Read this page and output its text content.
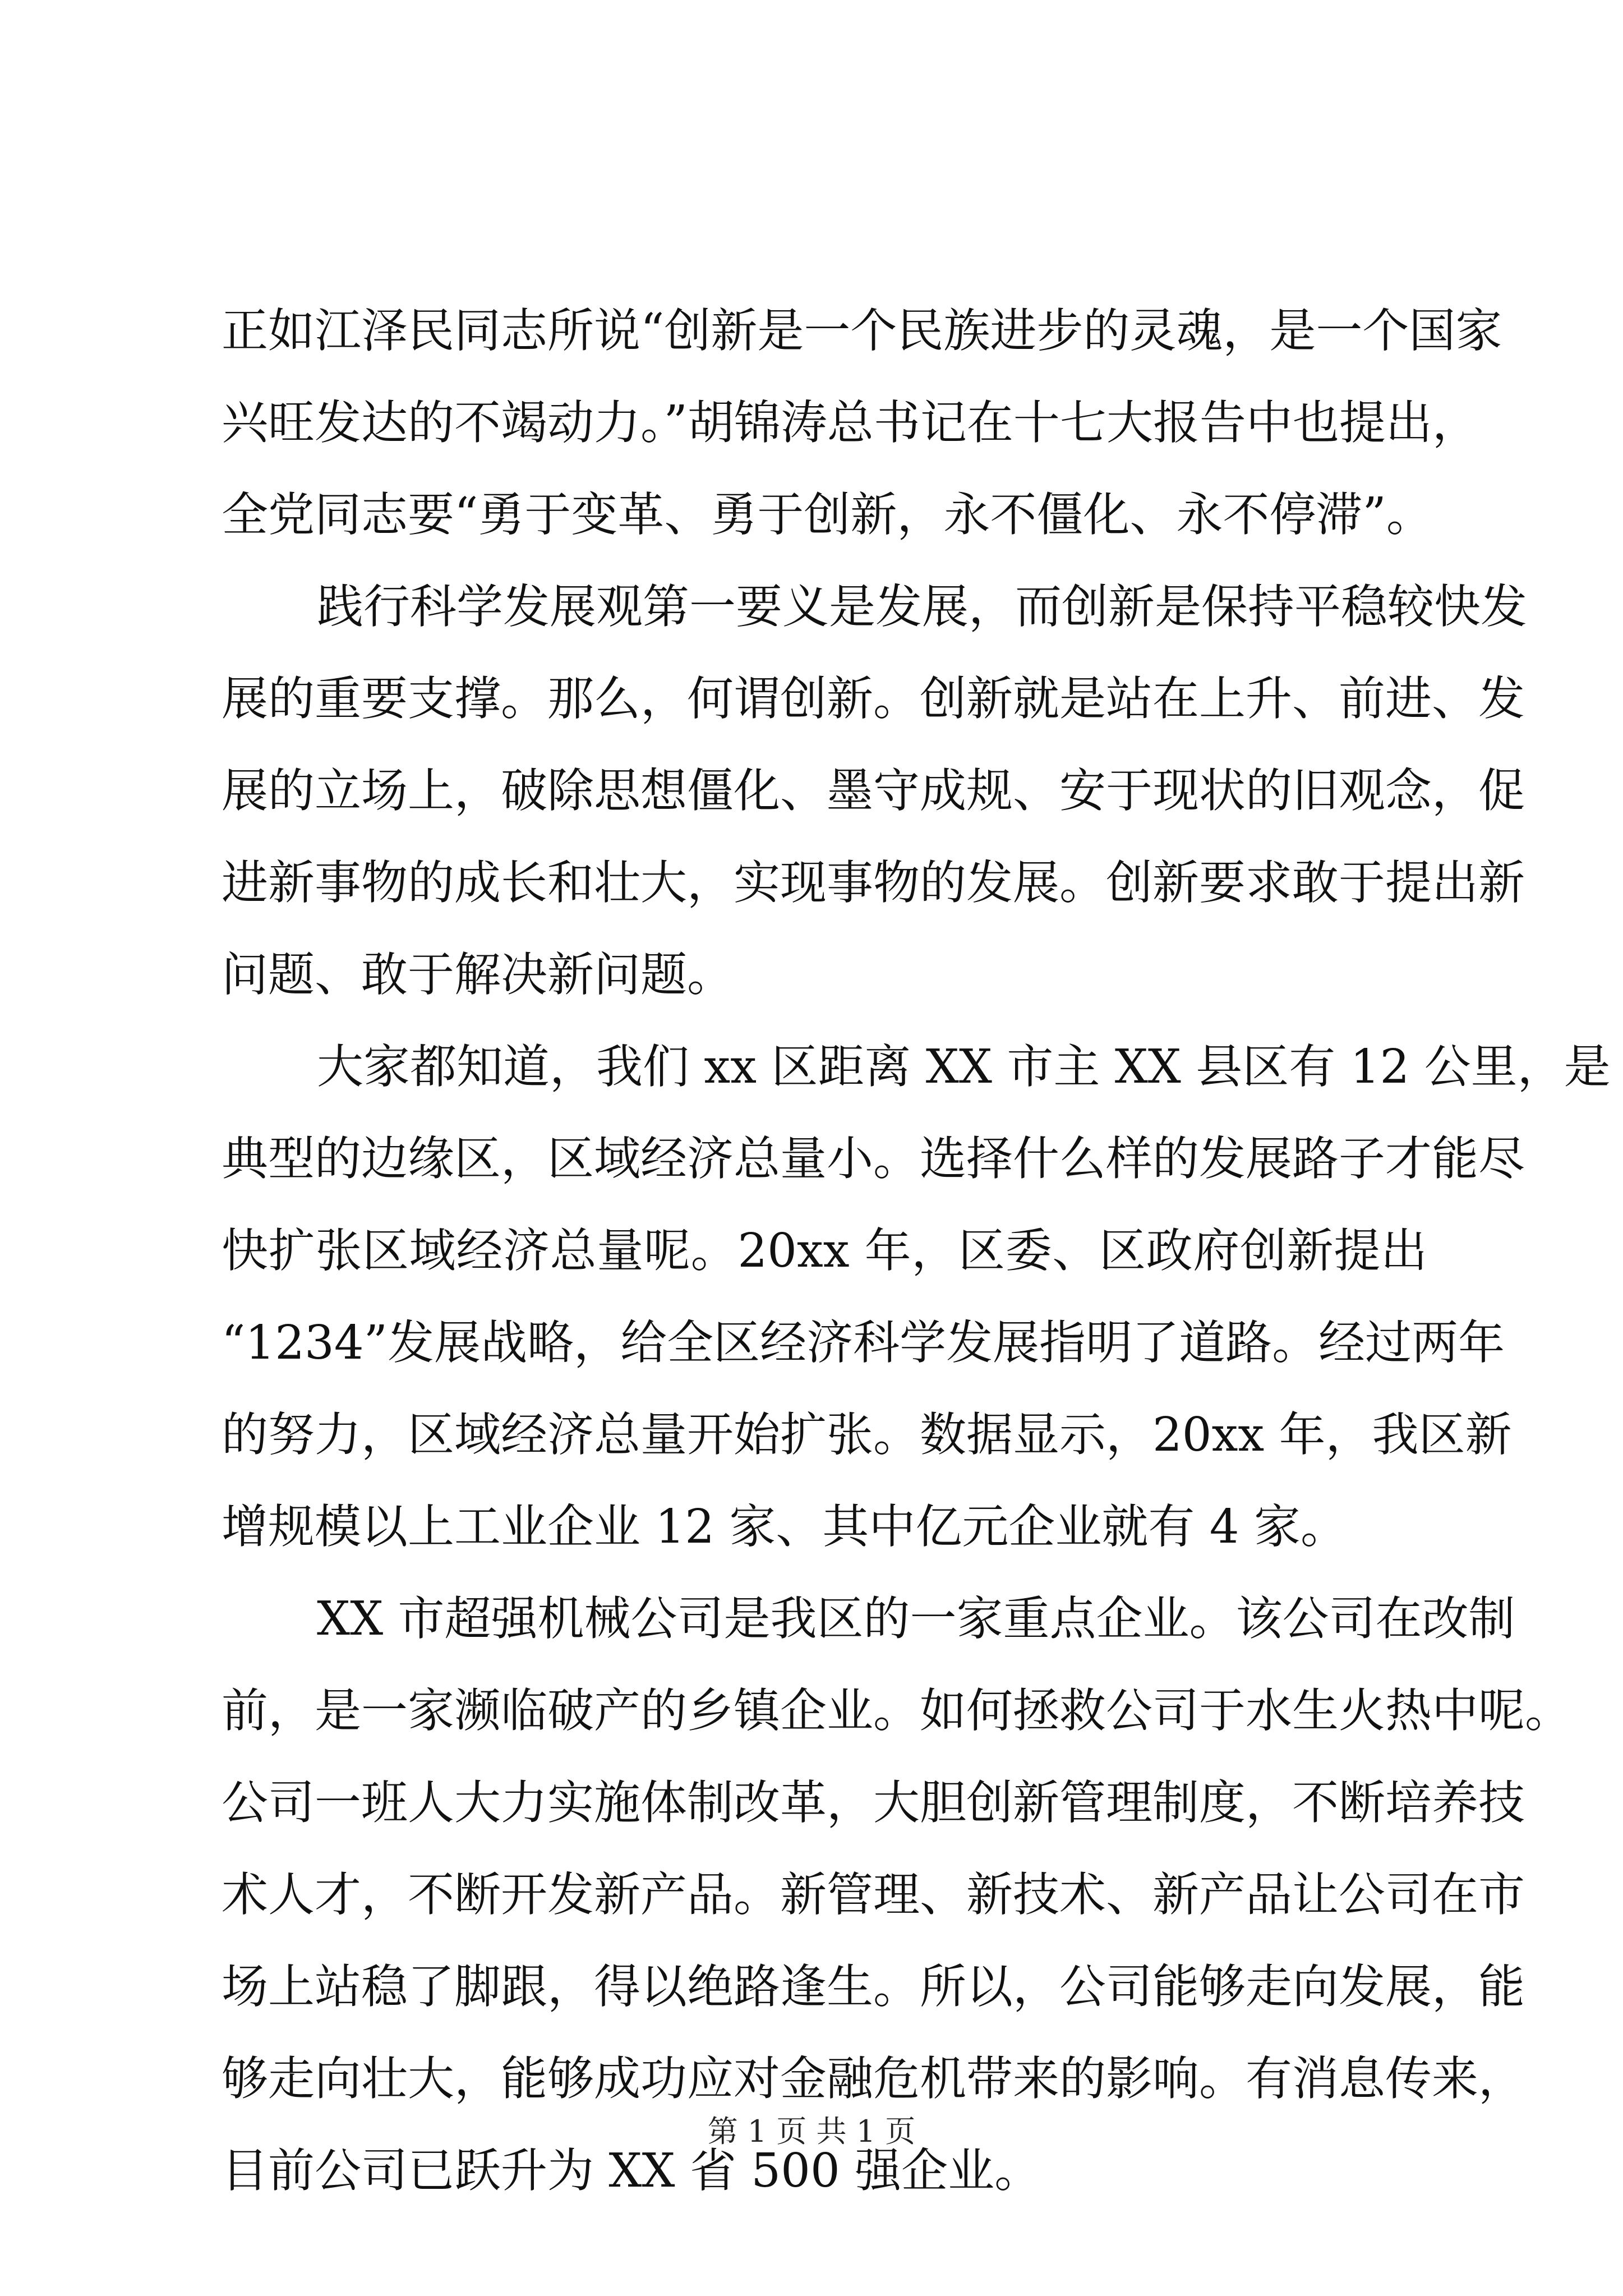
正如江泽民同志所说“创新是一个民族进步的灵魂，是一个国家
兴旺发达的不竭动力。”胡锦涛总书记在十七大报告中也提出，
全党同志要“勇于变革、勇于创新，永不僵化、永不停滞”。
践行科学发展观第一要义是发展，而创新是保持平稳较快发
展的重要支撑。那么，何谓创新。创新就是站在上升、前进、发
展的立场上，破除思想僵化、墨守成规、安于现状的旧观念，促
进新事物的成长和壮大，实现事物的发展。创新要求敢于提出新
问题、敢于解决新问题。
大家都知道，我们 xx 区距离 XX 市主 XX 县区有 12 公里，是
典型的边缘区，区域经济总量小。选择什么样的发展路子才能尽
快扩张区域经济总量呢。20xx 年，区委、区政府创新提出
“1234”发展战略，给全区经济科学发展指明了道路。经过两年
的努力，区域经济总量开始扩张。数据显示，20xx 年，我区新
增规模以上工业企业 12 家、其中亿元企业就有 4 家。
XX 市超强机械公司是我区的一家重点企业。该公司在改制
前，是一家濒临破产的乡镇企业。如何拯救公司于水生火热中呢。
公司一班人大力实施体制改革，大胆创新管理制度，不断培养技
术人才，不断开发新产品。新管理、新技术、新产品让公司在市
场上站稳了脚跟，得以绝路逢生。所以，公司能够走向发展，能
够走向壮大，能够成功应对金融危机带来的影响。有消息传来，
目前公司已跃升为 XX 省 500 强企业。
第 1 页 共 1 页
